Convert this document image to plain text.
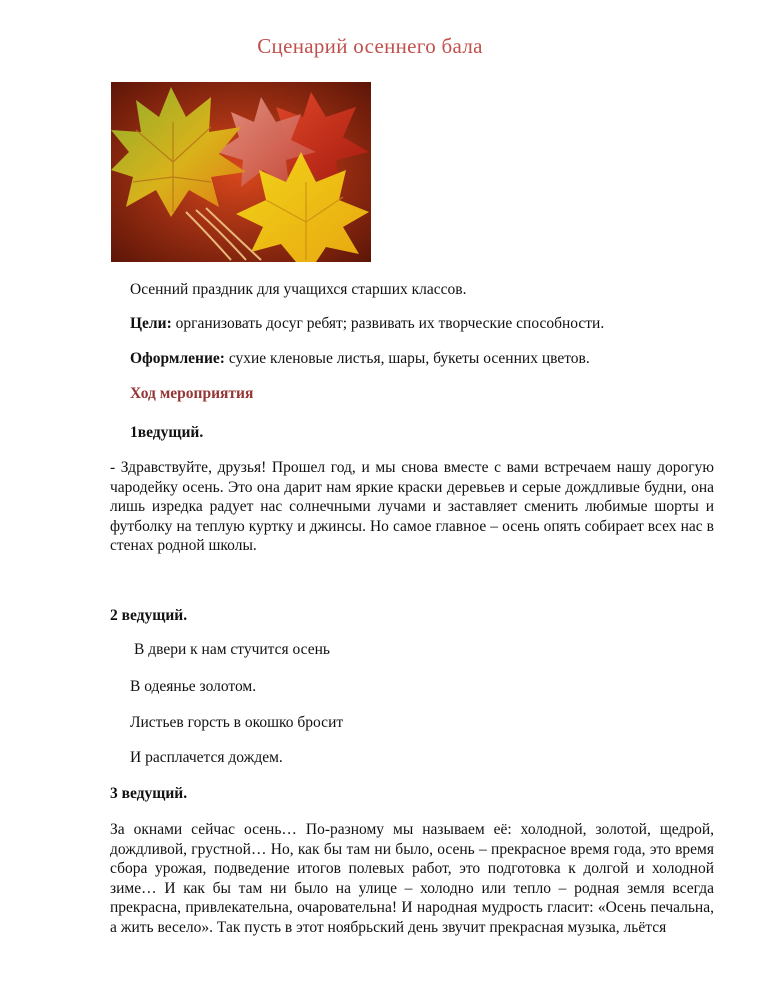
Сценарий осеннего бала
Осенний праздник для учащихся старших классов.
Цели: организовать досуг ребят; развивать их творческие способности.
Оформление: сухие кленовые листья, шары, букеты осенних цветов.
Ход мероприятия
1ведущий.
- Здравствуйте, друзья! Прошел год, и мы снова вместе с вами встречаем нашу дорогую чародейку осень. Это она дарит нам яркие краски деревьев и серые дождливые будни, она лишь изредка радует нас солнечными лучами и заставляет сменить любимые шорты и футболку на теплую куртку и джинсы. Но самое главное – осень опять собирает всех нас в стенах родной школы.
2 ведущий.
В двери к нам стучится осень
В одеянье золотом.
Листьев горсть в окошко бросит
И расплачется дождем.
3 ведущий.
За окнами сейчас осень… По-разному мы называем её: холодной, золотой, щедрой, дождливой, грустной… Но, как бы там ни было, осень – прекрасное время года, это время сбора урожая, подведение итогов полевых работ, это подготовка к долгой и холодной зиме… И как бы там ни было на улице – холодно или тепло – родная земля всегда прекрасна, привлекательна, очаровательна! И народная мудрость гласит: «Осень печальна, а жить весело». Так пусть в этот ноябрьский день звучит прекрасная музыка, льётся
